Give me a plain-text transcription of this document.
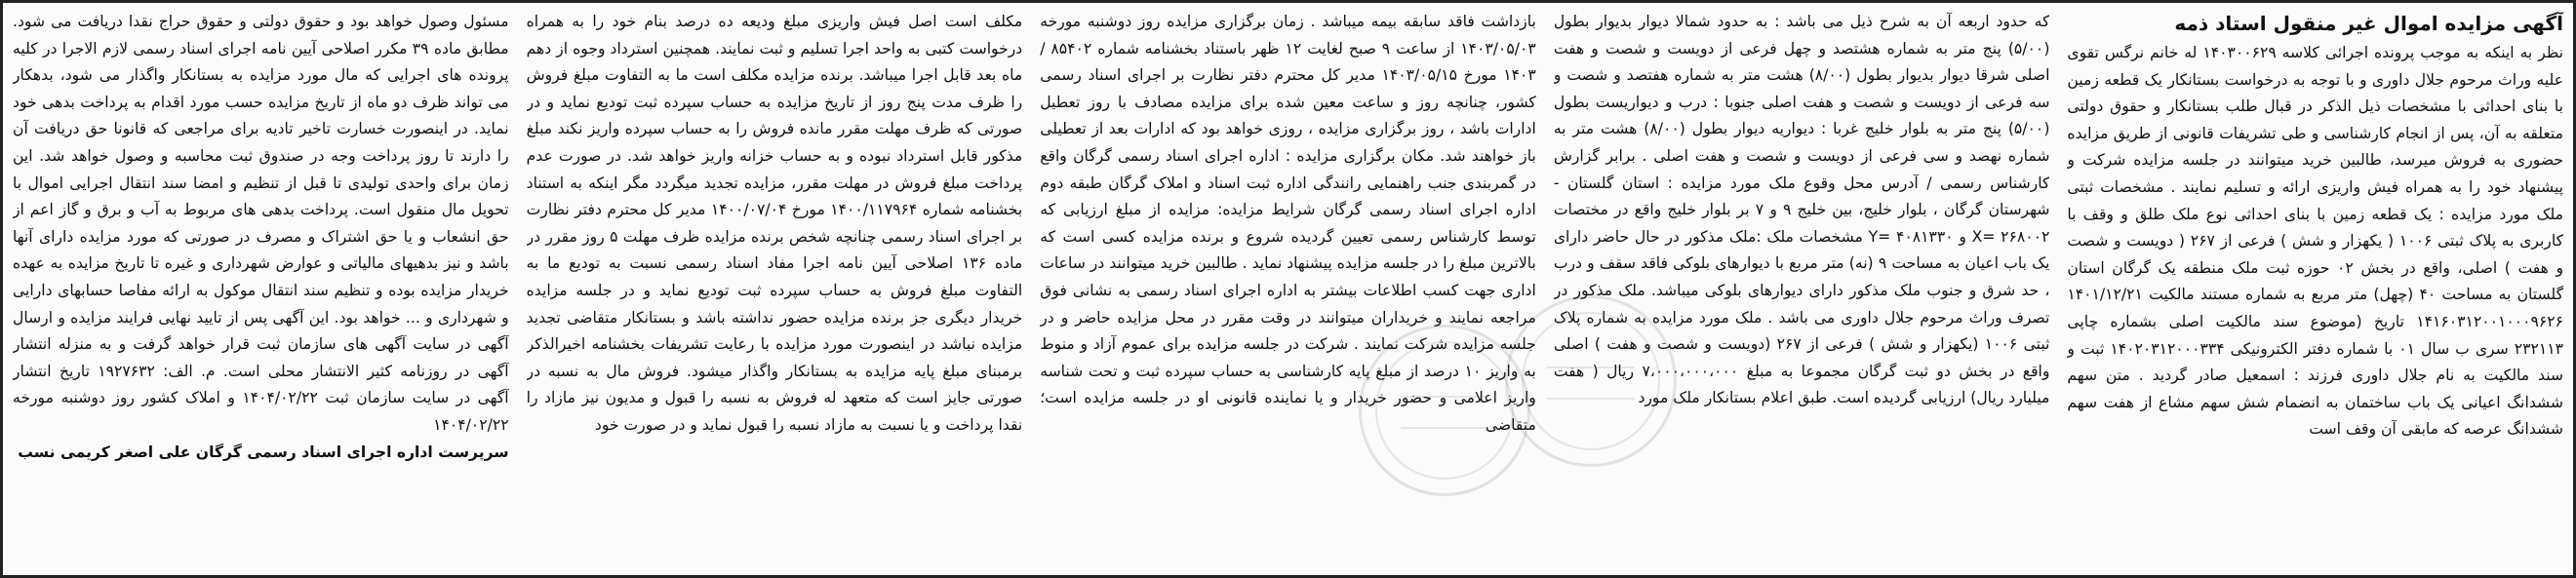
آگهی مزایده اموال غیر منقول استاد ذمه

نظر به اینکه به موجب پرونده اجرائی کلاسه ۱۴۰۳۰۰۶۲۹ له خانم نرگس تقوی علیه وراث مرحوم جلال داوری و با توجه به درخواست بستانکار یک قطعه زمین با بنای احداثی با مشخصات ذیل الذکر در قبال طلب بستانکار و حقوق دولتی متعلقه به آن، پس از انجام کارشناسی و طی تشریفات قانونی از طریق مزایده حضوری به فروش میرسد، طالبین خرید میتوانند در جلسه مزایده شرکت و پیشنهاد خود را به همراه فیش واریزی ارائه و تسلیم نمایند . مشخصات ثبتی ملک مورد مزایده : یک قطعه زمین با بنای احداثی نوع ملک طلق و وقف با کاربری به پلاک ثبتی ۱۰۰۶ ( یکهزار و شش ) فرعی از ۲۶۷ ( دویست و شصت و هفت ) اصلی، واقع در بخش ۰۲ حوزه ثبت ملک منطقه یک گرگان استان گلستان به مساحت ۴۰ (چهل) متر مربع به شماره مستند مالکیت ۱۴۰۱/۱۲/۲۱ ۱۴۱۶۰۳۱۲۰۰۱۰۰۰۹۶۲۶ تاریخ (موضوع سند مالکیت اصلی بشماره چاپی ۲۳۲۱۱۳ سری ب سال ۰۱ با شماره دفتر الکترونیکی ۱۴۰۲۰۳۱۲۰۰۰۳۳۴ ثبت و سند مالکیت به نام جلال داوری فرزند : اسمعیل صادر گردید . متن سهم ششدانگ اعیانی یک باب ساختمان به انضمام شش سهم مشاع از هفت سهم ششدانگ عرصه که مابقی آن وقف است

که حدود اربعه آن به شرح ذیل می باشد : به حدود شمالا دیوار بدیوار بطول (۵/۰۰) پنج متر به شماره هشتصد و چهل فرعی از دویست و شصت و هفت اصلی شرقا دیوار بدیوار بطول (۸/۰۰) هشت متر به شماره هفتصد و شصت و سه فرعی از دویست و شصت و هفت اصلی جنوبا : درب و دیواریست بطول (۵/۰۰) پنج متر به بلوار خلیج غربا : دیواریه دیوار بطول (۸/۰۰) هشت متر به شماره نهصد و سی فرعی از دویست و شصت و هفت اصلی . برابر گزارش کارشناس رسمی / آدرس محل وقوع ملک مورد مزایده : استان گلستان - شهرستان گرگان ، بلوار خلیج، بین خلیج ۹ و ۷ بر بلوار خلیج واقع در مختصات X= ۲۶۸۰۰۲ و Y= ۴۰۸۱۳۳۰ مشخصات ملک :ملک مذکور در حال حاضر دارای یک باب اعیان به مساحت ۹ (نه) متر مربع با دیوارهای بلوکی فاقد سقف و درب ، حد شرق و جنوب ملک مذکور دارای دیوارهای بلوکی میباشد. ملک مذکور در تصرف وراث مرحوم جلال داوری می باشد . ملک مورد مزایده به شماره پلاک ثبتی ۱۰۰۶ (یکهزار و شش ) فرعی از ۲۶۷ (دویست و شصت و هفت ) اصلی واقع در بخش دو ثبت گرگان مجموعا به مبلغ ۷،۰۰۰،۰۰۰،۰۰۰ ریال ( هفت میلیارد ریال) ارزیابی گردیده است. طبق اعلام بستانکار ملک مورد

بازداشت فاقد سابقه بیمه میباشد . زمان برگزاری مزایده روز دوشنبه مورخه ۱۴۰۳/۰۵/۰۳ از ساعت ۹ صبح لغایت ۱۲ ظهر باستناد بخشنامه شماره ۸۵۴۰۲ / ۱۴۰۳ مورخ ۱۴۰۳/۰۵/۱۵ مدیر کل محترم دفتر نظارت بر اجرای اسناد رسمی کشور، چنانچه روز و ساعت معین شده برای مزایده مصادف با روز تعطیل ادارات باشد ، روز برگزاری مزایده ، روزی خواهد بود که ادارات بعد از تعطیلی باز خواهند شد. مکان برگزاری مزایده : اداره اجرای اسناد رسمی گرگان واقع در گمربندی جنب راهنمایی رانندگی اداره ثبت اسناد و املاک گرگان طبقه دوم اداره اجرای اسناد رسمی گرگان شرایط مزایده: مزایده از مبلغ ارزیابی که توسط کارشناس رسمی تعیین گردیده شروع و برنده مزایده کسی است که بالاترین مبلغ را در جلسه مزایده پیشنهاد نماید . طالبین خرید میتوانند در ساعات اداری جهت کسب اطلاعات بیشتر به اداره اجرای اسناد رسمی به نشانی فوق مراجعه نمایند و خریداران میتوانند در وقت مقرر در محل مزایده حاضر و در جلسه مزایده شرکت نمایند . شرکت در جلسه مزایده برای عموم آزاد و منوط به واریز ۱۰ درصد از مبلغ پایه کارشناسی به حساب سپرده ثبت و تحت شناسه واریز اعلامی و حضور خریدار و یا نماینده قانونی او در جلسه مزایده است؛ متقاضی

مکلف است اصل فیش واریزی مبلغ ودیعه ده درصد بنام خود را به همراه درخواست کتبی به واحد اجرا تسلیم و ثبت نمایند. همچنین استرداد وجوه از دهم ماه بعد قابل اجرا میباشد. برنده مزایده مکلف است ما به التفاوت مبلغ فروش را ظرف مدت پنج روز از تاریخ مزایده به حساب سپرده ثبت تودیع نماید و در صورتی که ظرف مهلت مقرر مانده فروش را به حساب سپرده واریز نکند مبلغ مذکور قابل استرداد نبوده و به حساب خزانه واریز خواهد شد. در صورت عدم پرداخت مبلغ فروش در مهلت مقرر، مزایده تجدید میگردد مگر اینکه به استناد بخشنامه شماره ۱۴۰۰/۱۱۷۹۶۴ مورخ ۱۴۰۰/۰۷/۰۴ مدیر کل محترم دفتر نظارت بر اجرای اسناد رسمی چنانچه شخص برنده مزایده ظرف مهلت ۵ روز مقرر در ماده ۱۳۶ اصلاحی آیین نامه اجرا مفاد اسناد رسمی نسبت به تودیع ما به التفاوت مبلغ فروش به حساب سپرده ثبت تودیع نماید و در جلسه مزایده خریدار دیگری جز برنده مزایده حضور نداشته باشد و بستانکار متقاضی تجدید مزایده نباشد در اینصورت مورد مزایده با رعایت تشریفات بخشنامه اخیرالذکر برمبنای مبلغ پایه مزایده به بستانکار واگذار میشود. فروش مال به نسبه در صورتی جایز است که متعهد له فروش به نسبه را قبول و مدیون نیز مازاد را نقدا پرداخت و یا نسبت به مازاد نسبه را قبول نماید و در صورت خود

مسئول وصول خواهد بود و حقوق دولتی و حقوق حراج نقدا دریافت می شود. مطابق ماده ۳۹ مکرر اصلاحی آیین نامه اجرای اسناد رسمی لازم الاجرا در کلیه پرونده های اجرایی که مال مورد مزایده به بستانکار واگذار می شود، بدهکار می تواند ظرف دو ماه از تاریخ مزایده حسب مورد اقدام به پرداخت بدهی خود نماید. در اینصورت خسارت تاخیر تادیه برای مراجعی که قانونا حق دریافت آن را دارند تا روز پرداخت وجه در صندوق ثبت محاسبه و وصول خواهد شد. این زمان برای واحدی تولیدی تا قبل از تنظیم و امضا سند انتقال اجرایی اموال با تحویل مال منقول است. پرداخت بدهی های مربوط به آب و برق و گاز اعم از حق انشعاب و یا حق اشتراک و مصرف در صورتی که مورد مزایده دارای آنها باشد و نیز بدهیهای مالیاتی و عوارض شهرداری و غیره تا تاریخ مزایده به عهده خریدار مزایده بوده و تنظیم سند انتقال موکول به ارائه مفاصا حسابهای دارایی و شهرداری و ... خواهد بود. این آگهی پس از تایید نهایی فرایند مزایده و ارسال آگهی در سایت آگهی های سازمان ثبت قرار خواهد گرفت و به منزله انتشار آگهی در روزنامه کثیر الانتشار محلی است. م. الف: ۱۹۲۷۶۳۲ تاریخ انتشار آگهی در سایت سازمان ثبت ۱۴۰۴/۰۲/۲۲ و املاک کشور روز دوشنبه مورخه ۱۴۰۴/۰۲/۲۲

سرپرست اداره اجرای اسناد رسمی گرگان علی اصغر کریمی نسب
